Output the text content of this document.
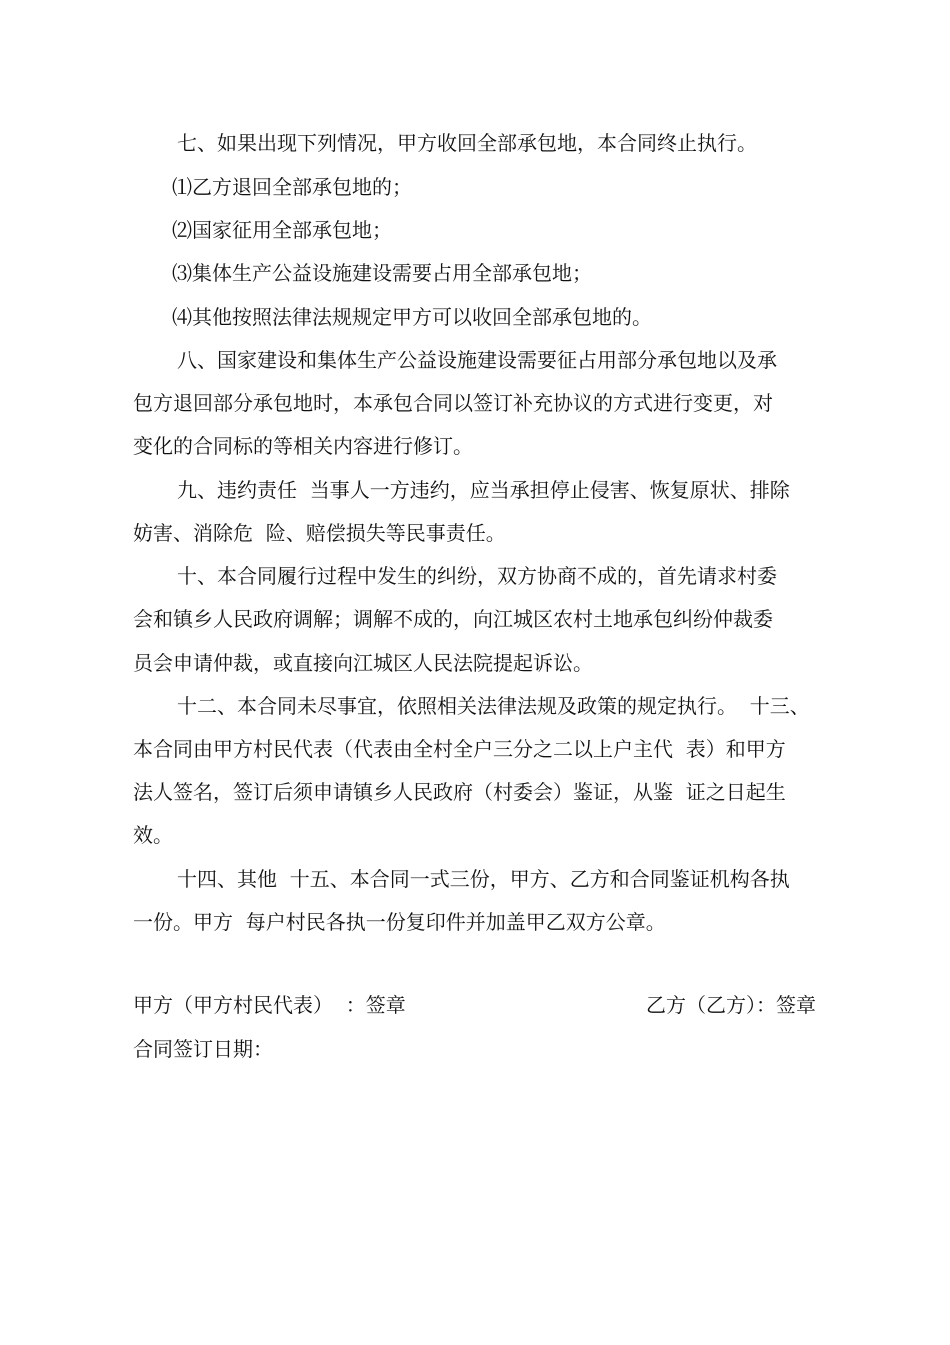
七、如果出现下列情况，甲方收回全部承包地，本合同终止执行。
⑴乙方退回全部承包地的；
⑵国家征用全部承包地；
⑶集体生产公益设施建设需要占用全部承包地；
⑷其他按照法律法规规定甲方可以收回全部承包地的。
八、国家建设和集体生产公益设施建设需要征占用部分承包地以及承
包方退回部分承包地时，本承包合同以签订补充协议的方式进行变更，对
变化的合同标的等相关内容进行修订。
九、违约责任  当事人一方违约，应当承担停止侵害、恢复原状、排除
妨害、消除危  险、赔偿损失等民事责任。
十、本合同履行过程中发生的纠纷，双方协商不成的，首先请求村委
会和镇乡人民政府调解；调解不成的，向江城区农村土地承包纠纷仲裁委
员会申请仲裁，或直接向江城区人民法院提起诉讼。
十二、本合同未尽事宜，依照相关法律法规及政策的规定执行。  十三、
本合同由甲方村民代表（代表由全村全户三分之二以上户主代  表）和甲方
法人签名，签订后须申请镇乡人民政府（村委会）鉴证，从鉴  证之日起生
效。
十四、其他  十五、本合同一式三份，甲方、乙方和合同鉴证机构各执
一份。甲方  每户村民各执一份复印件并加盖甲乙双方公章。
甲方（甲方村民代表）  ：签章	乙方（乙方）：签章
合同签订日期：
